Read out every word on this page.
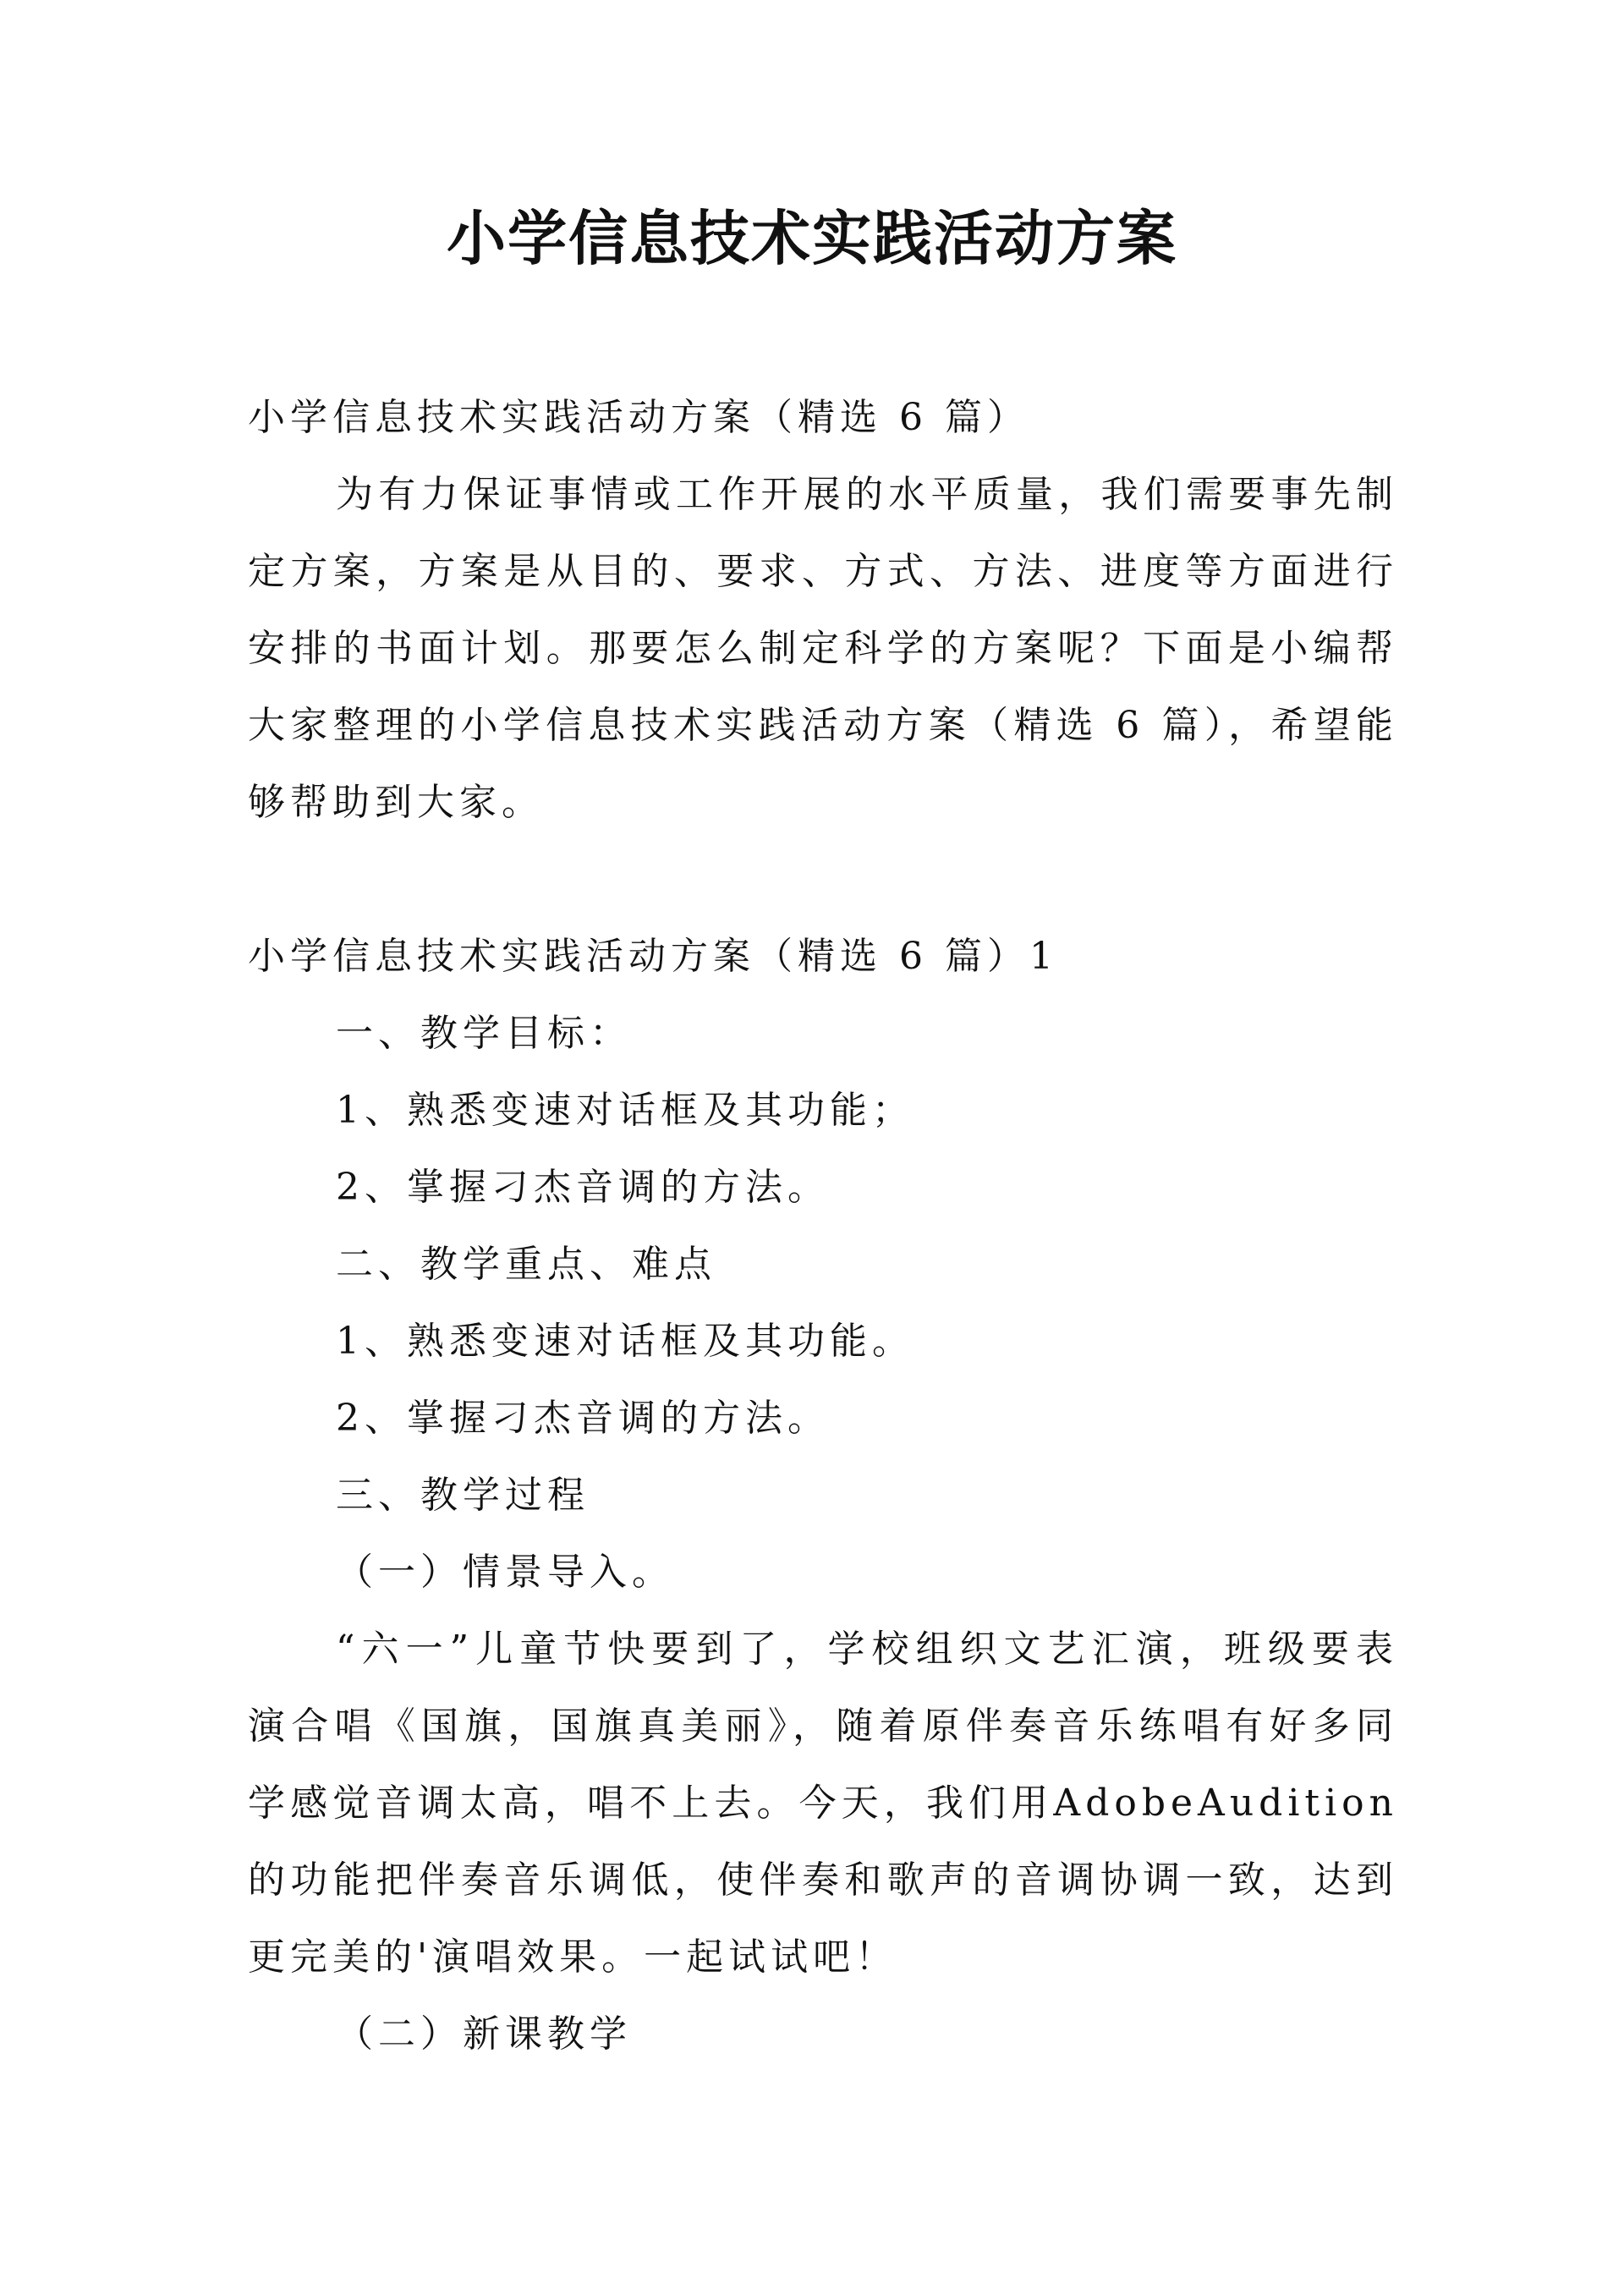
小学信息技术实践活动方案

小学信息技术实践活动方案（精选 6 篇）

为有力保证事情或工作开展的水平质量，我们需要事先制定方案，方案是从目的、要求、方式、方法、进度等方面进行安排的书面计划。那要怎么制定科学的方案呢？下面是小编帮大家整理的小学信息技术实践活动方案（精选 6 篇），希望能够帮助到大家。

小学信息技术实践活动方案（精选 6 篇）1

一、教学目标：

1、熟悉变速对话框及其功能；

2、掌握刁杰音调的方法。

二、教学重点、难点

1、熟悉变速对话框及其功能。

2、掌握刁杰音调的方法。

三、教学过程

（一）情景导入。

“六一”儿童节快要到了，学校组织文艺汇演，班级要表演合唱《国旗，国旗真美丽》，随着原伴奏音乐练唱有好多同学感觉音调太高，唱不上去。今天，我们用AdobeAudition 的功能把伴奏音乐调低，使伴奏和歌声的音调协调一致，达到更完美的'演唱效果。一起试试吧！

（二）新课教学
